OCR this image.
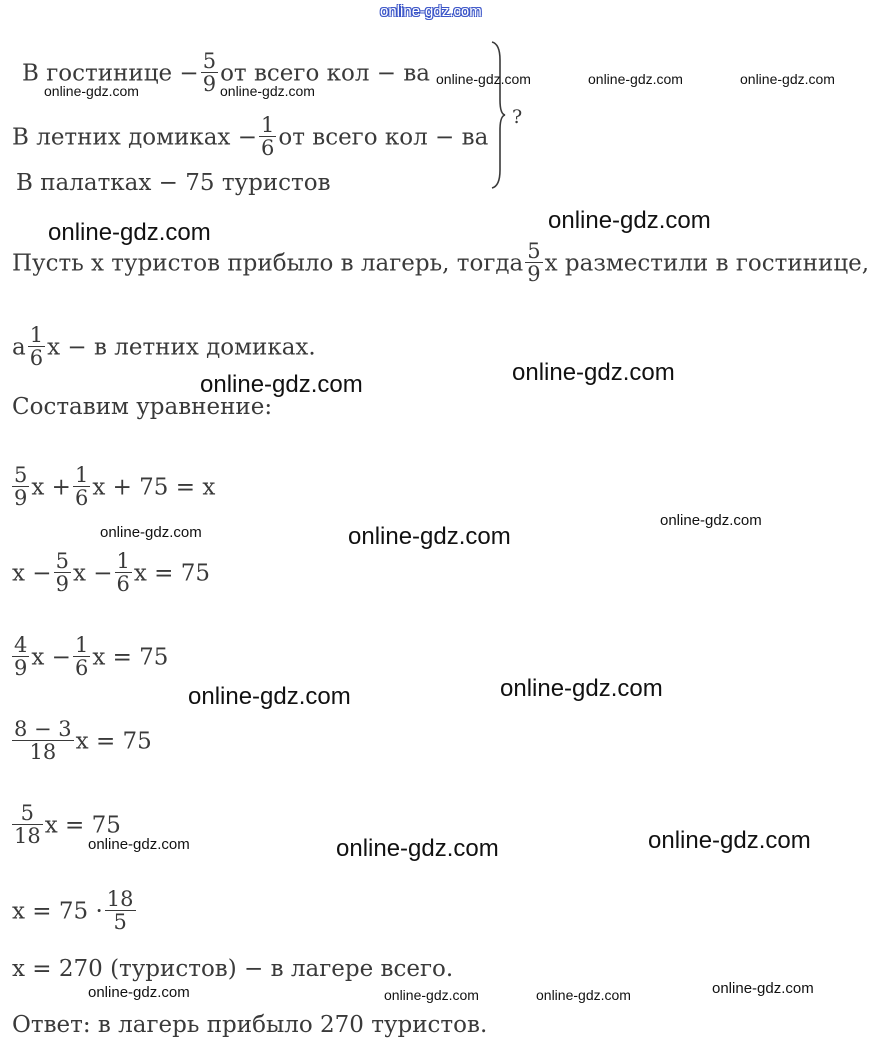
online-gdz.com
В гостинице − $\frac{5}{9}$ от всего кол − ва
В летних домиках − $\frac{1}{6}$ от всего кол − ва
В палатках − 75 туристов
?
Пусть x туристов прибыло в лагерь, тогда $\frac{5}{9}$ x разместили в гостинице,
а $\frac{1}{6}$ x − в летних домиках.
Составим уравнение:
$\frac{5}{9}$ $x + \frac{1}{6}$ x + 75 = x
$x - \frac{5}{9}$ $x - \frac{1}{6}$ x = 75
$\frac{4}{9}$ $x - \frac{1}{6}$ x = 75
$\frac{8 - 3}{18}$ x = 75
$\frac{5}{18}$ x = 75
$x = 75 \cdot \frac{18}{5}$
x = 270 (туристов) − в лагере всего.
Ответ: в лагерь прибыло 270 туристов.
online-gdz.com	online-gdz.com
online-gdz.com	online-gdz.com	online-gdz.com
online-gdz.com	online-gdz.com
online-gdz.com	online-gdz.com
online-gdz.com	online-gdz.com
online-gdz.com
online-gdz.com	online-gdz.com
online-gdz.com	online-gdz.com	online-gdz.com
online-gdz.com	online-gdz.com	online-gdz.com	online-gdz.com
